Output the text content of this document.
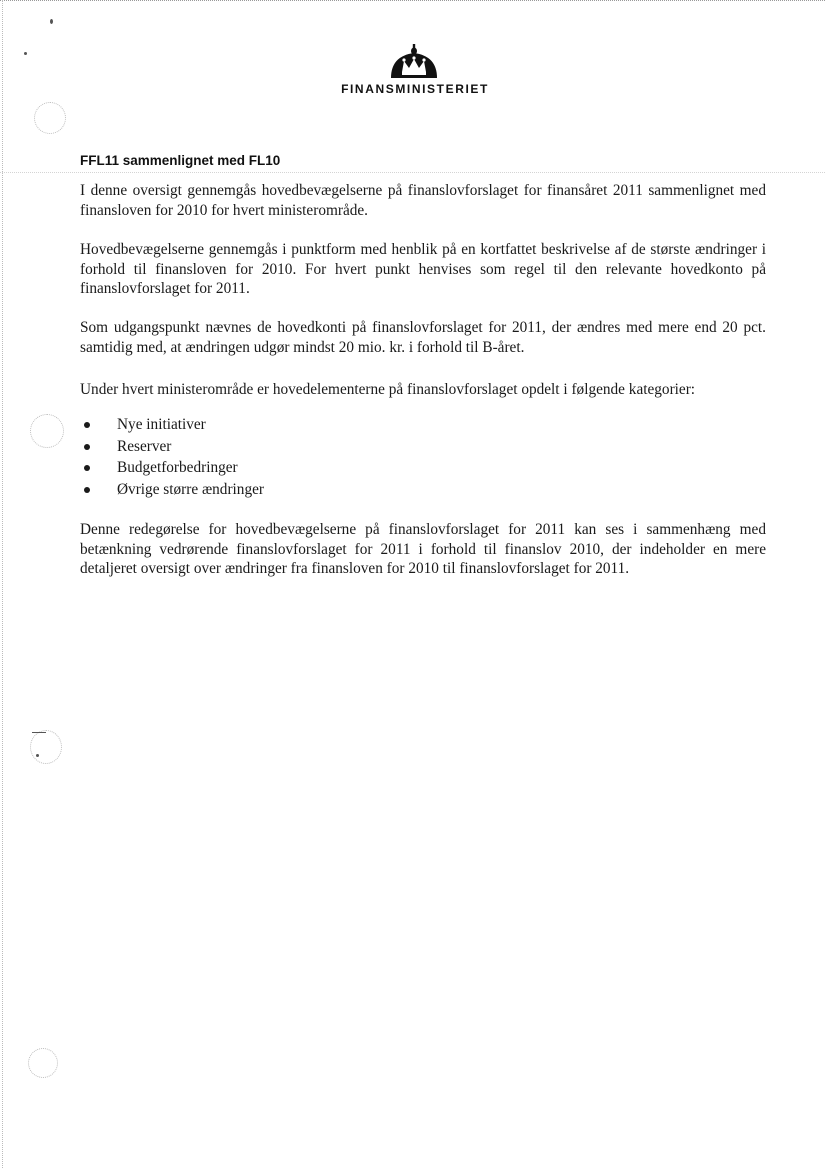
FINANSMINISTERIET
FFL11 sammenlignet med FL10

I denne oversigt gennemgås hovedbevægelserne på finanslovforslaget for finansåret 2011 sammenlignet med finansloven for 2010 for hvert ministerområde.

Hovedbevægelserne gennemgås i punktform med henblik på en kortfattet beskrivelse af de største ændringer i forhold til finansloven for 2010. For hvert punkt henvises som regel til den relevante hovedkonto på finanslovforslaget for 2011.

Som udgangspunkt nævnes de hovedkonti på finanslovforslaget for 2011, der ændres med mere end 20 pct. samtidig med, at ændringen udgør mindst 20 mio. kr. i forhold til B-året.

Under hvert ministerområde er hovedelementerne på finanslovforslaget opdelt i følgende kategorier:

Nye initiativer
Reserver
Budgetforbedringer
Øvrige større ændringer

Denne redegørelse for hovedbevægelserne på finanslovforslaget for 2011 kan ses i sammenhæng med betænkning vedrørende finanslovforslaget for 2011 i forhold til finanslov 2010, der indeholder en mere detaljeret oversigt over ændringer fra finansloven for 2010 til finanslovforslaget for 2011.
